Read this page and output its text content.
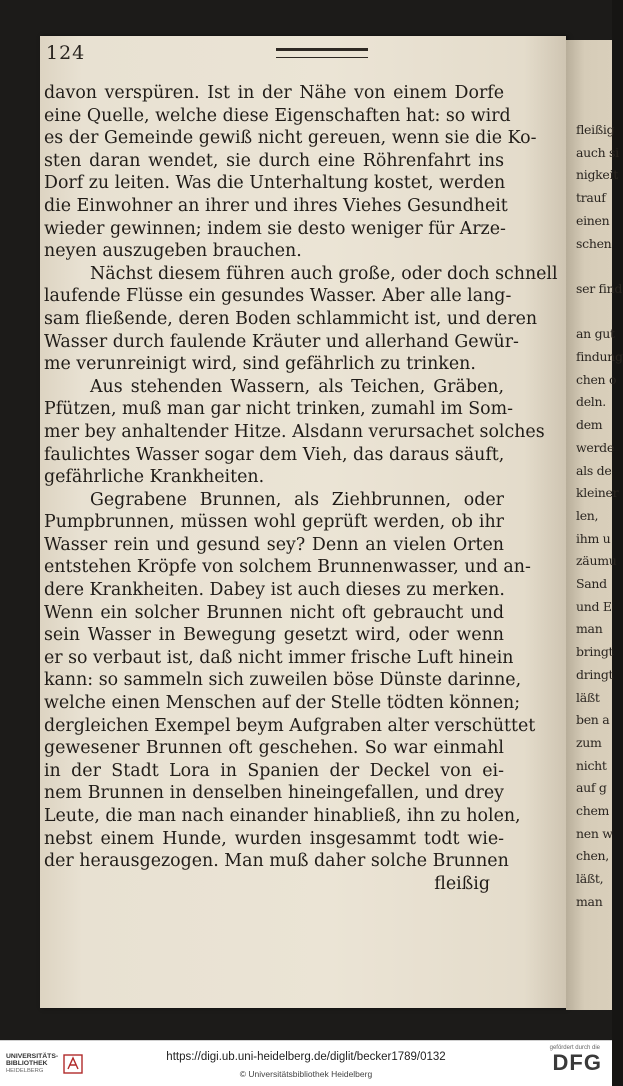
124
davon verspüren. Ist in der Nähe von einem Dorfe
eine Quelle, welche diese Eigenschaften hat: so wird
es der Gemeinde gewiß nicht gereuen, wenn sie die Ko-
sten daran wendet, sie durch eine Röhrenfahrt ins
Dorf zu leiten. Was die Unterhaltung kostet, werden
die Einwohner an ihrer und ihres Viehes Gesundheit
wieder gewinnen; indem sie desto weniger für Arze-
neyen auszugeben brauchen.
Nächst diesem führen auch große, oder doch schnell
laufende Flüsse ein gesundes Wasser. Aber alle lang-
sam fließende, deren Boden schlammicht ist, und deren
Wasser durch faulende Kräuter und allerhand Gewür-
me verunreinigt wird, sind gefährlich zu trinken.
Aus stehenden Wassern, als Teichen, Gräben,
Pfützen, muß man gar nicht trinken, zumahl im Som-
mer bey anhaltender Hitze. Alsdann verursachet solches
faulichtes Wasser sogar dem Vieh, das daraus säuft,
gefährliche Krankheiten.
Gegrabene Brunnen, als Ziehbrunnen, oder
Pumpbrunnen, müssen wohl geprüft werden, ob ihr
Wasser rein und gesund sey? Denn an vielen Orten
entstehen Kröpfe von solchem Brunnenwasser, und an-
dere Krankheiten. Dabey ist auch dieses zu merken.
Wenn ein solcher Brunnen nicht oft gebraucht und
sein Wasser in Bewegung gesetzt wird, oder wenn
er so verbaut ist, daß nicht immer frische Luft hinein
kann: so sammeln sich zuweilen böse Dünste darinne,
welche einen Menschen auf der Stelle tödten können;
dergleichen Exempel beym Aufgraben alter verschüttet
gewesener Brunnen oft geschehen. So war einmahl
in der Stadt Lora in Spanien der Deckel von ei-
nem Brunnen in denselben hineingefallen, und drey
Leute, die man nach einander hinabließ, ihn zu holen,
nebst einem Hunde, wurden insgesammt todt wie-
der herausgezogen. Man muß daher solche Brunnen
fleißig
fleißig
auch si
nigkeit
trauf
einen
schen
ser find
an gut
findung
chen o
deln.
dem
werde
als de
kleiner
len,
ihm u
zäumu
Sand
und E
man
bringt
dringt
läßt
ben a
zum
nicht
auf g
chem
nen w
chen,
läßt,
man
UNIVERSITÄTS-
BIBLIOTHEK
HEIDELBERG
https://digi.ub.uni-heidelberg.de/diglit/becker1789/0132
© Universitätsbibliothek Heidelberg
gefördert durch die
DFG
